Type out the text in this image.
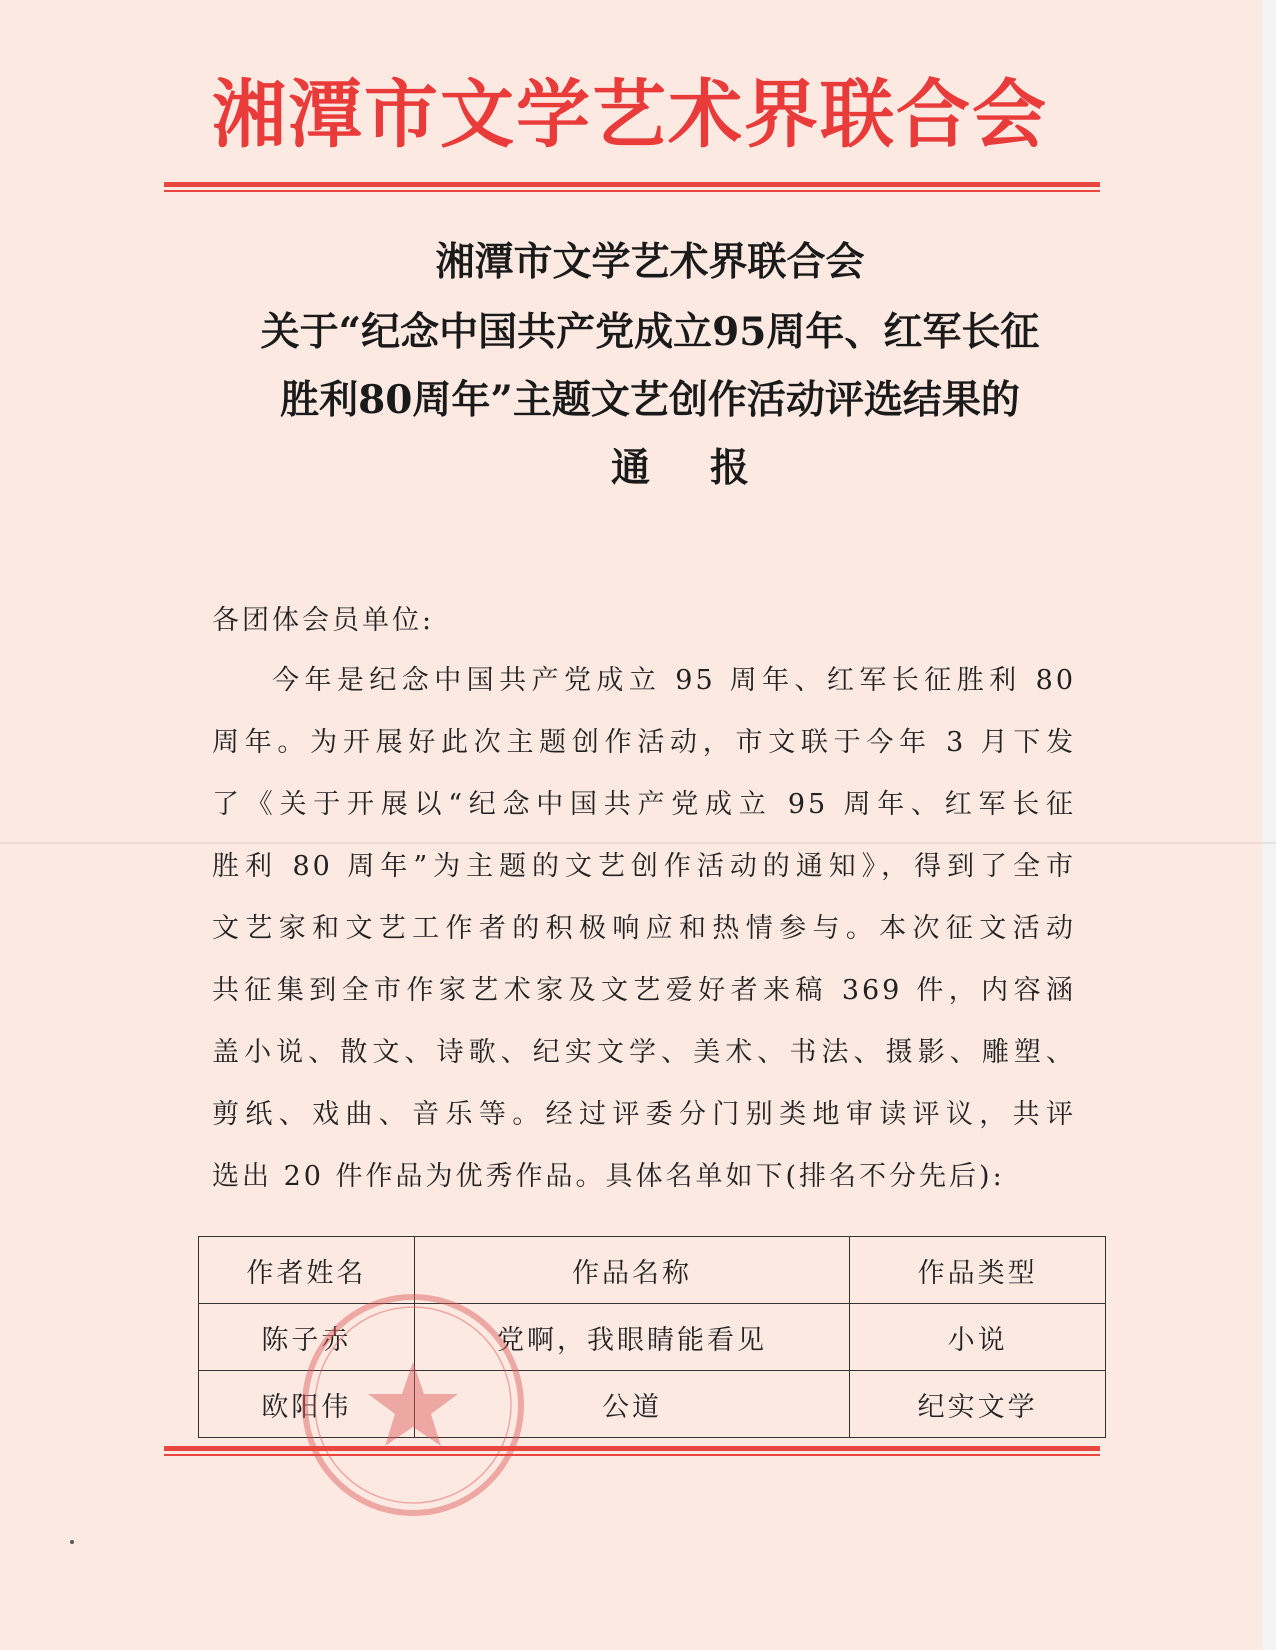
湘潭市文学艺术界联合会
湘潭市文学艺术界联合会
关于“纪念中国共产党成立95周年、红军长征
胜利80周年”主题文艺创作活动评选结果的
通报
各团体会员单位:
今年是纪念中国共产党成立 95 周年、红军长征胜利 80
周年。为开展好此次主题创作活动，市文联于今年 3 月下发
了《关于开展以“纪念中国共产党成立 95 周年、红军长征
胜利 80 周年”为主题的文艺创作活动的通知》，得到了全市
文艺家和文艺工作者的积极响应和热情参与。本次征文活动
共征集到全市作家艺术家及文艺爱好者来稿 369 件，内容涵
盖小说、散文、诗歌、纪实文学、美术、书法、摄影、雕塑、
剪纸、戏曲、音乐等。经过评委分门别类地审读评议，共评
选出 20 件作品为优秀作品。具体名单如下(排名不分先后):
作者姓名	作品名称	作品类型
陈子赤	党啊，我眼睛能看见	小说
欧阳伟	公道	纪实文学
